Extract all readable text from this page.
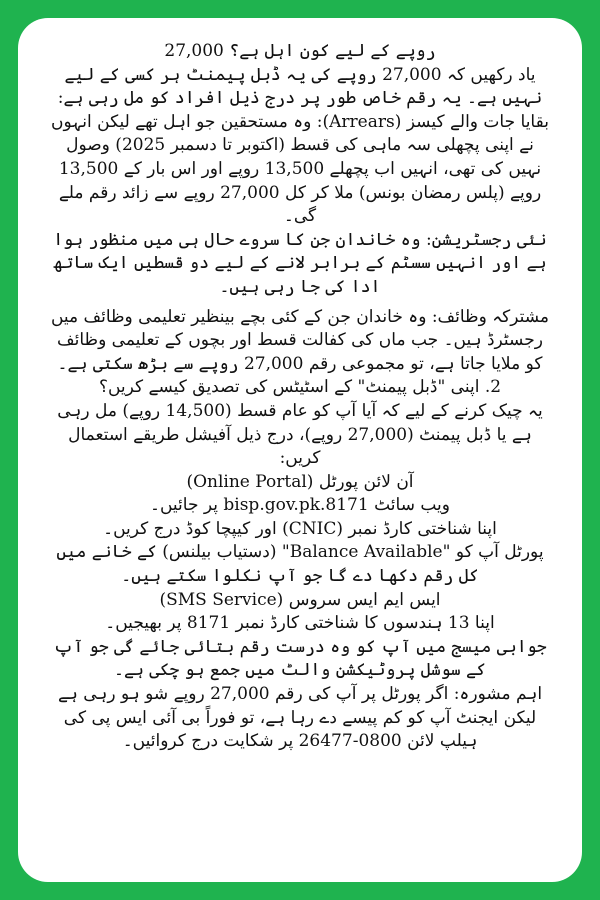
روپے کے لیے کون اہل ہے؟ 27,000

یاد رکھیں کہ 27,000 روپے کی یہ ڈبل پیمنٹ ہر کسی کے لیے نہیں ہے۔ یہ رقم خاص طور پر درج ذیل افراد کو مل رہی ہے:

بقایا جات والے کیسز (Arrears): وہ مستحقین جو اہل تھے لیکن انہوں نے اپنی پچھلی سہ ماہی کی قسط (اکتوبر تا دسمبر 2025) وصول نہیں کی تھی، انہیں اب پچھلے 13,500 روپے اور اس بار کے 13,500 روپے (پلس رمضان بونس) ملا کر کل 27,000 روپے سے زائد رقم ملے گی۔

نئی رجسٹریشن: وہ خاندان جن کا سروے حال ہی میں منظور ہوا ہے اور انہیں سسٹم کے برابر لانے کے لیے دو قسطیں ایک ساتھ ادا کی جا رہی ہیں۔

مشترکہ وظائف: وہ خاندان جن کے کئی بچے بینظیر تعلیمی وظائف میں رجسٹرڈ ہیں۔ جب ماں کی کفالت قسط اور بچوں کے تعلیمی وظائف کو ملایا جاتا ہے، تو مجموعی رقم 27,000 روپے سے بڑھ سکتی ہے۔

2. اپنی "ڈبل پیمنٹ" کے اسٹیٹس کی تصدیق کیسے کریں؟

یہ چیک کرنے کے لیے کہ آیا آپ کو عام قسط (14,500 روپے) مل رہی ہے یا ڈبل پیمنٹ (27,000 روپے)، درج ذیل آفیشل طریقے استعمال کریں:

آن لائن پورٹل (Online Portal)

ویب سائٹ bisp.gov.pk.8171 پر جائیں۔

اپنا شناختی کارڈ نمبر (CNIC) اور کیپچا کوڈ درج کریں۔

پورٹل آپ کو "Balance Available" (دستیاب بیلنس) کے خانے میں کل رقم دکھا دے گا جو آپ نکلوا سکتے ہیں۔

ایس ایم ایس سروس (SMS Service)

اپنا 13 ہندسوں کا شناختی کارڈ نمبر 8171 پر بھیجیں۔

جوابی میسج میں آپ کو وہ درست رقم بتائی جائے گی جو آپ کے سوشل پروٹیکشن والٹ میں جمع ہو چکی ہے۔

اہم مشورہ: اگر پورٹل پر آپ کی رقم 27,000 روپے شو ہو رہی ہے لیکن ایجنٹ آپ کو کم پیسے دے رہا ہے، تو فوراً بی آئی ایس پی کی ہیلپ لائن 0800-26477 پر شکایت درج کروائیں۔
